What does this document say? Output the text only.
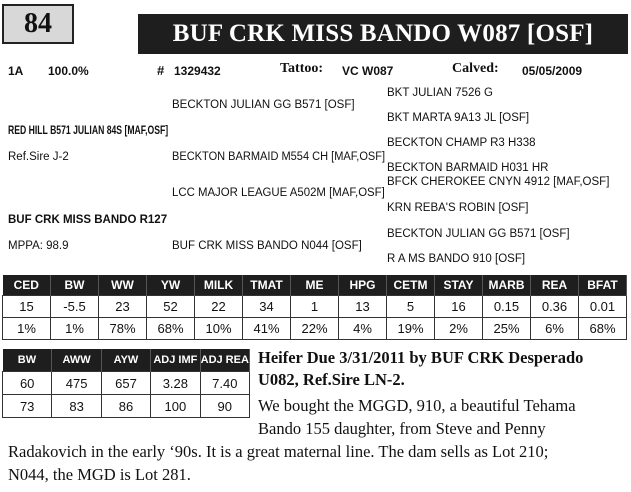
84	BUF CRK MISS BANDO W087 [OSF]
1A 100.0%	# 1329432	Tattoo: VC W087	Calved: 05/05/2009
BECKTON JULIAN GG B571 [OSF]
BKT JULIAN 7526 G
BKT MARTA 9A13 JL [OSF]
RED HILL B571 JULIAN 84S [MAF,OSF]
Ref.Sire J-2
BECKTON CHAMP R3 H338
BECKTON BARMAID M554 CH [MAF,OSF]
BECKTON BARMAID H031 HR
BFCK CHEROKEE CNYN 4912 [MAF,OSF]
LCC MAJOR LEAGUE A502M [MAF,OSF]
KRN REBA'S ROBIN [OSF]
BUF CRK MISS BANDO R127
BECKTON JULIAN GG B571 [OSF]
MPPA: 98.9	BUF CRK MISS BANDO N044 [OSF]
R A MS BANDO 910 [OSF]
CED	BW	WW	YW	MILK	TMAT	ME	HPG	CETM	STAY	MARB	REA	BFAT
15	-5.5	23	52	22	34	1	13	5	16	0.15	0.36	0.01
1%	1%	78%	68%	10%	41%	22%	4%	19%	2%	25%	6%	68%
BW	AWW	AYW	ADJ IMF	ADJ REA
60	475	657	3.28	7.40
73	83	86	100	90
Heifer Due 3/31/2011 by BUF CRK Desperado U082, Ref.Sire LN-2.
We bought the MGGD, 910, a beautiful Tehama
Bando 155 daughter, from Steve and Penny
Radakovich in the early ‘90s. It is a great maternal line. The dam sells as Lot 210;
N044, the MGD is Lot 281.
